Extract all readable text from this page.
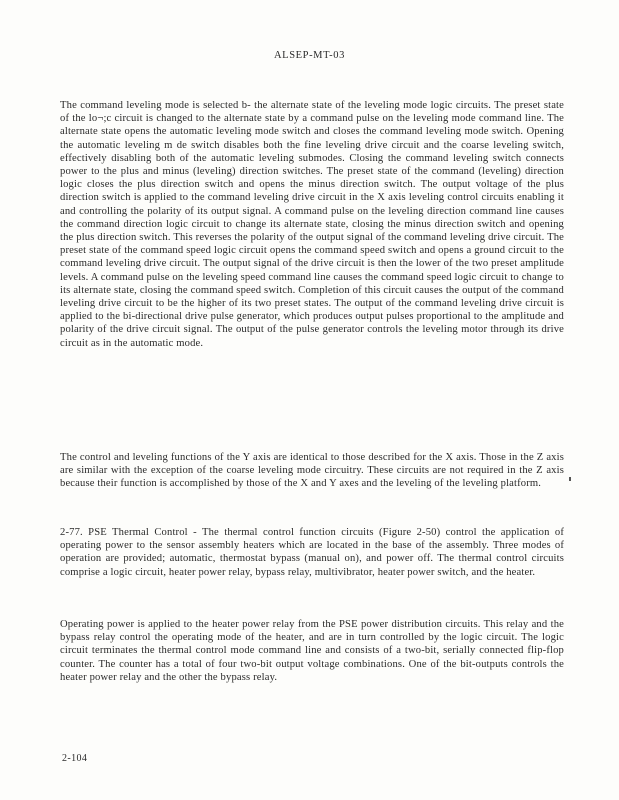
ALSEP-MT-03

The command leveling mode is selected b- the alternate state of the leveling mode logic circuits. The preset state of the lo¬;c circuit is changed to the alternate state by a command pulse on the leveling mode command line. The alternate state opens the automatic leveling mode switch and closes the command leveling mode switch. Opening the automatic leveling m de switch disables both the fine leveling drive circuit and the coarse leveling switch, effectively disabling both of the automatic leveling submodes. Closing the command leveling switch connects power to the plus and minus (leveling) direction switches. The preset state of the command (leveling) direction logic closes the plus direction switch and opens the minus direction switch. The output voltage of the plus direction switch is applied to the command leveling drive circuit in the X axis leveling control circuits enabling it and controlling the polarity of its output signal. A command pulse on the leveling direction command line causes the command direction logic circuit to change its alternate state, closing the minus direction switch and opening the plus direction switch. This reverses the polarity of the output signal of the command leveling drive circuit. The preset state of the command speed logic circuit opens the command speed switch and opens a ground circuit to the command leveling drive circuit. The output signal of the drive circuit is then the lower of the two preset amplitude levels. A command pulse on the leveling speed command line causes the command speed logic circuit to change to its alternate state, closing the command speed switch. Completion of this circuit causes the output of the command leveling drive circuit to be the higher of its two preset states. The output of the command leveling drive circuit is applied to the bi-directional drive pulse generator, which produces output pulses proportional to the amplitude and polarity of the drive circuit signal. The output of the pulse generator controls the leveling motor through its drive circuit as in the automatic mode.

The control and leveling functions of the Y axis are identical to those described for the X axis. Those in the Z axis are similar with the exception of the coarse leveling mode circuitry. These circuits are not required in the Z axis because their function is accomplished by those of the X and Y axes and the leveling of the leveling platform.

2-77. PSE Thermal Control - The thermal control function circuits (Figure 2-50) control the application of operating power to the sensor assembly heaters which are located in the base of the assembly. Three modes of operation are provided; automatic, thermostat bypass (manual on), and power off. The thermal control circuits comprise a logic circuit, heater power relay, bypass relay, multivibrator, heater power switch, and the heater.

Operating power is applied to the heater power relay from the PSE power distribution circuits. This relay and the bypass relay control the operating mode of the heater, and are in turn controlled by the logic circuit. The logic circuit terminates the thermal control mode command line and consists of a two-bit, serially connected flip-flop counter. The counter has a total of four two-bit output voltage combinations. One of the bit-outputs controls the heater power relay and the other the bypass relay.

2-104
